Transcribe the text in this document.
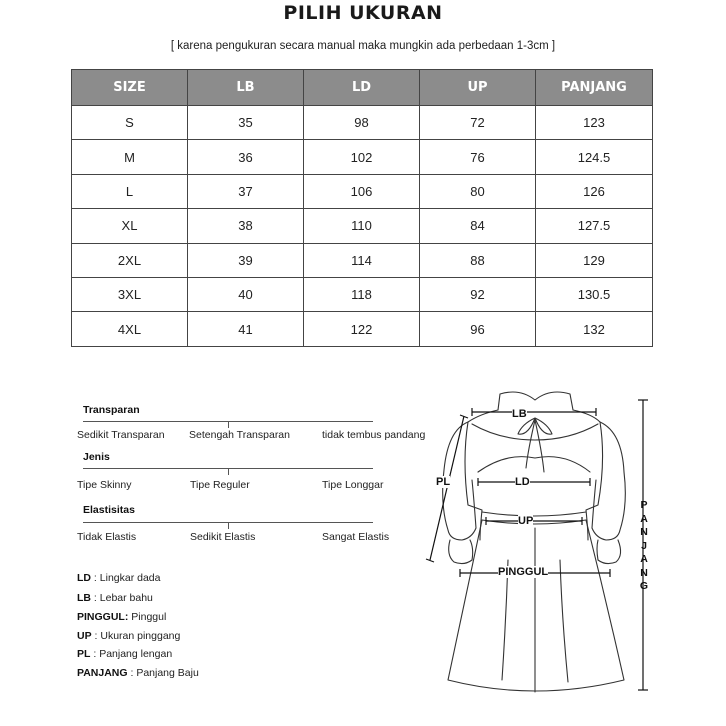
PILIH UKURAN
[ karena pengukuran secara manual maka mungkin ada perbedaan 1-3cm ]
SIZE	LB	LD	UP	PANJANG
S	35	98	72	123
M	36	102	76	124.5
L	37	106	80	126
XL	38	110	84	127.5
2XL	39	114	88	129
3XL	40	118	92	130.5
4XL	41	122	96	132
Transparan
Sedikit Transparan Setengah Transparan	tidak tembus pandang
Jenis
Tipe Skinny	Tipe Reguler	Tipe Longgar
Elastisitas
Tidak Elastis	Sedikit Elastis	Sangat Elastis
LD : Lingkar dada
LB : Lebar bahu
PINGGUL: Pinggul
UP : Ukuran pinggang
PL : Panjang lengan
PANJANG : Panjang Baju
LB
LD
UP
PL
PINGGUL
P
A
N
J
A
N
G
